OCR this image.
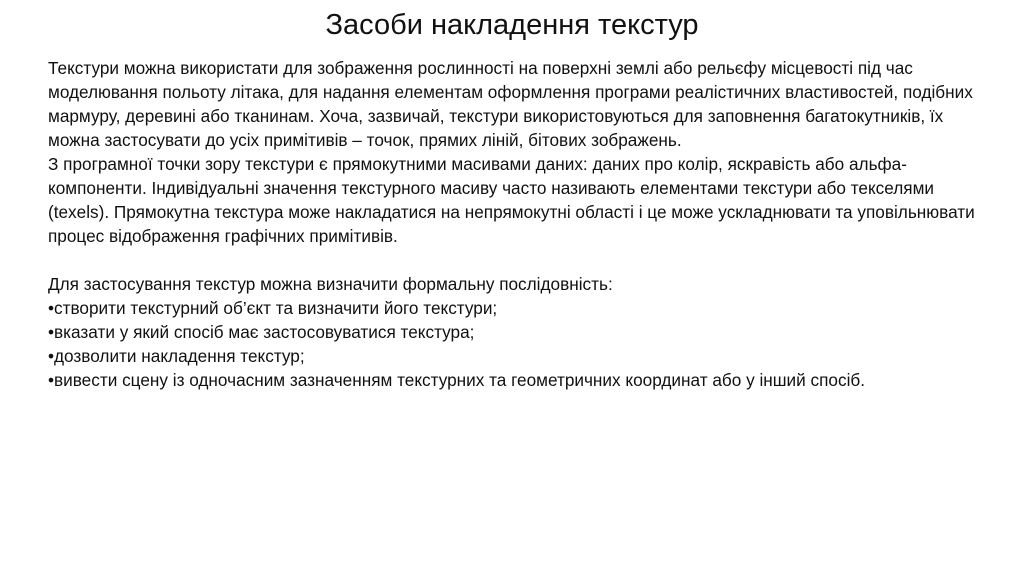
Засоби накладення текстур

Текстури можна використати для зображення рослинності на поверхні землі або рельєфу місцевості під час моделювання польоту літака, для надання елементам оформлення програми реалістичних властивостей, подібних мармуру, деревині або тканинам. Хоча, зазвичай, текстури використовуються для заповнення багатокутників, їх можна застосувати до усіх примітивів – точок, прямих ліній, бітових зображень.

З програмної точки зору текстури є прямокутними масивами даних: даних про колір, яскравість або альфа-компоненти. Індивідуальні значення текстурного масиву часто називають елементами текстури або текселями (texels). Прямокутна текстура може накладатися на непрямокутні області і це може ускладнювати та уповільнювати процес відображення графічних примітивів.

Для застосування текстур можна визначити формальну послідовність:

•створити текстурний об’єкт та визначити його текстури;
•вказати у який спосіб має застосовуватися текстура;
•дозволити накладення текстур;
•вивести сцену із одночасним зазначенням текстурних та геометричних координат або у інший спосіб.
